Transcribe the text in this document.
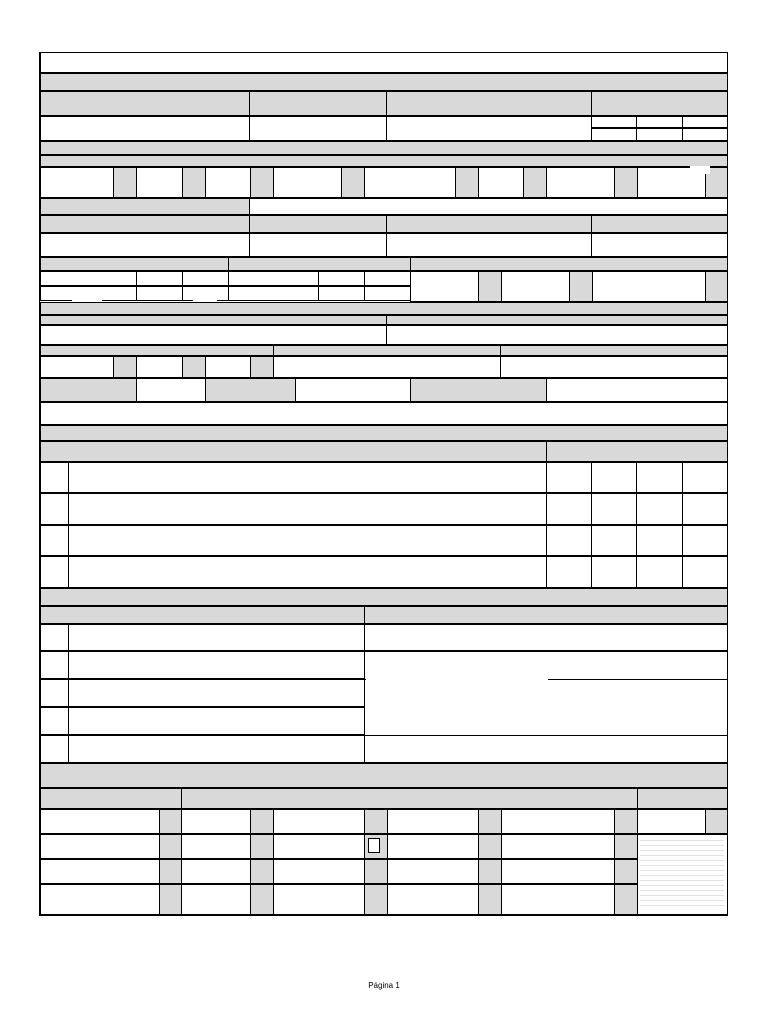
Página 1
